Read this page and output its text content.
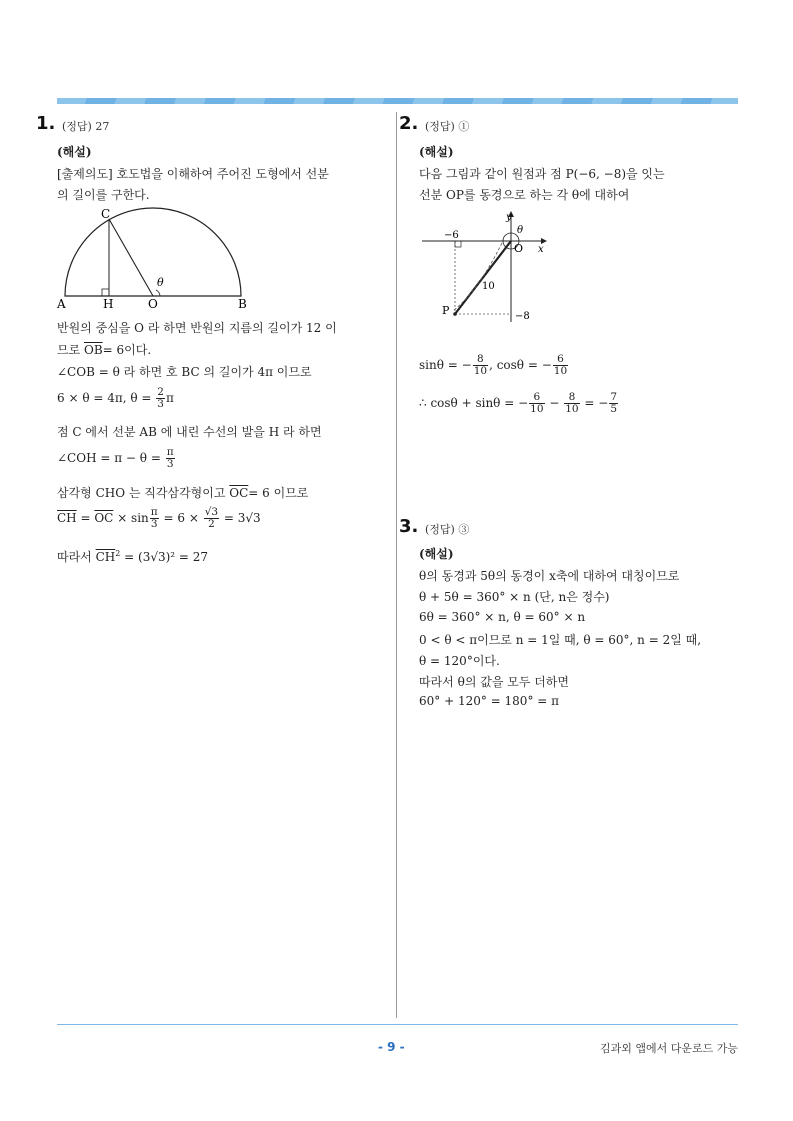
1. (정답) 27
(해설)
[출제의도] 호도법을 이해하여 주어진 도형에서 선분
의 길이를 구한다.
C
A	H	O	B
θ
반원의 중심을 O 라 하면 반원의 지름의 길이가 12 이
므로 $\overline{OB}= 6$이다.
∠COB = θ 라 하면 호 BC 의 길이가 4π 이므로
6 × θ = 4π, $\theta = \frac{2}{3}$ π
점 C 에서 선분 AB 에 내린 수선의 발을 H 라 하면
∠COH = $\pi - \theta = \frac{\pi}{3}$
삼각형 CHO 는 직각삼각형이고 $\overline{OC}= 6$ 이므로
$\overline{CH} = \overline{OC} \times \sin \frac{\pi}{3} = 6 \times \frac{√3}{2} = 3√3$
따라서 $\overline{CH}^2 = (3√3)^2 = 27$
2. (정답) ①
(해설)
다음 그림과 같이 원점과 점 P(−6, −8)을 잇는
선분 OP를 동경으로 하는 각 θ에 대하여
y
x
θ
O
−6
10
P	−8
sinθ = − $\frac{8}{10}$ , cosθ = − $\frac{6}{10}$
∴ cosθ + sinθ = − $\frac{6}{10} - \frac{8}{10}$ = − $\frac{7}{5}$
3. (정답) ③
(해설)
θ의 동경과 5θ의 동경이 x축에 대하여 대칭이므로
θ + 5θ = 360° × n (단, n은 정수)
6θ = 360° × n, θ = 60° × n
0 < θ < π이므로 n = 1일 때, θ = 60°, n = 2일 때,
θ = 120°이다.
따라서 θ의 값을 모두 더하면
60° + 120° = 180° = π
- 9 -	김과외 앱에서 다운로드 가능
